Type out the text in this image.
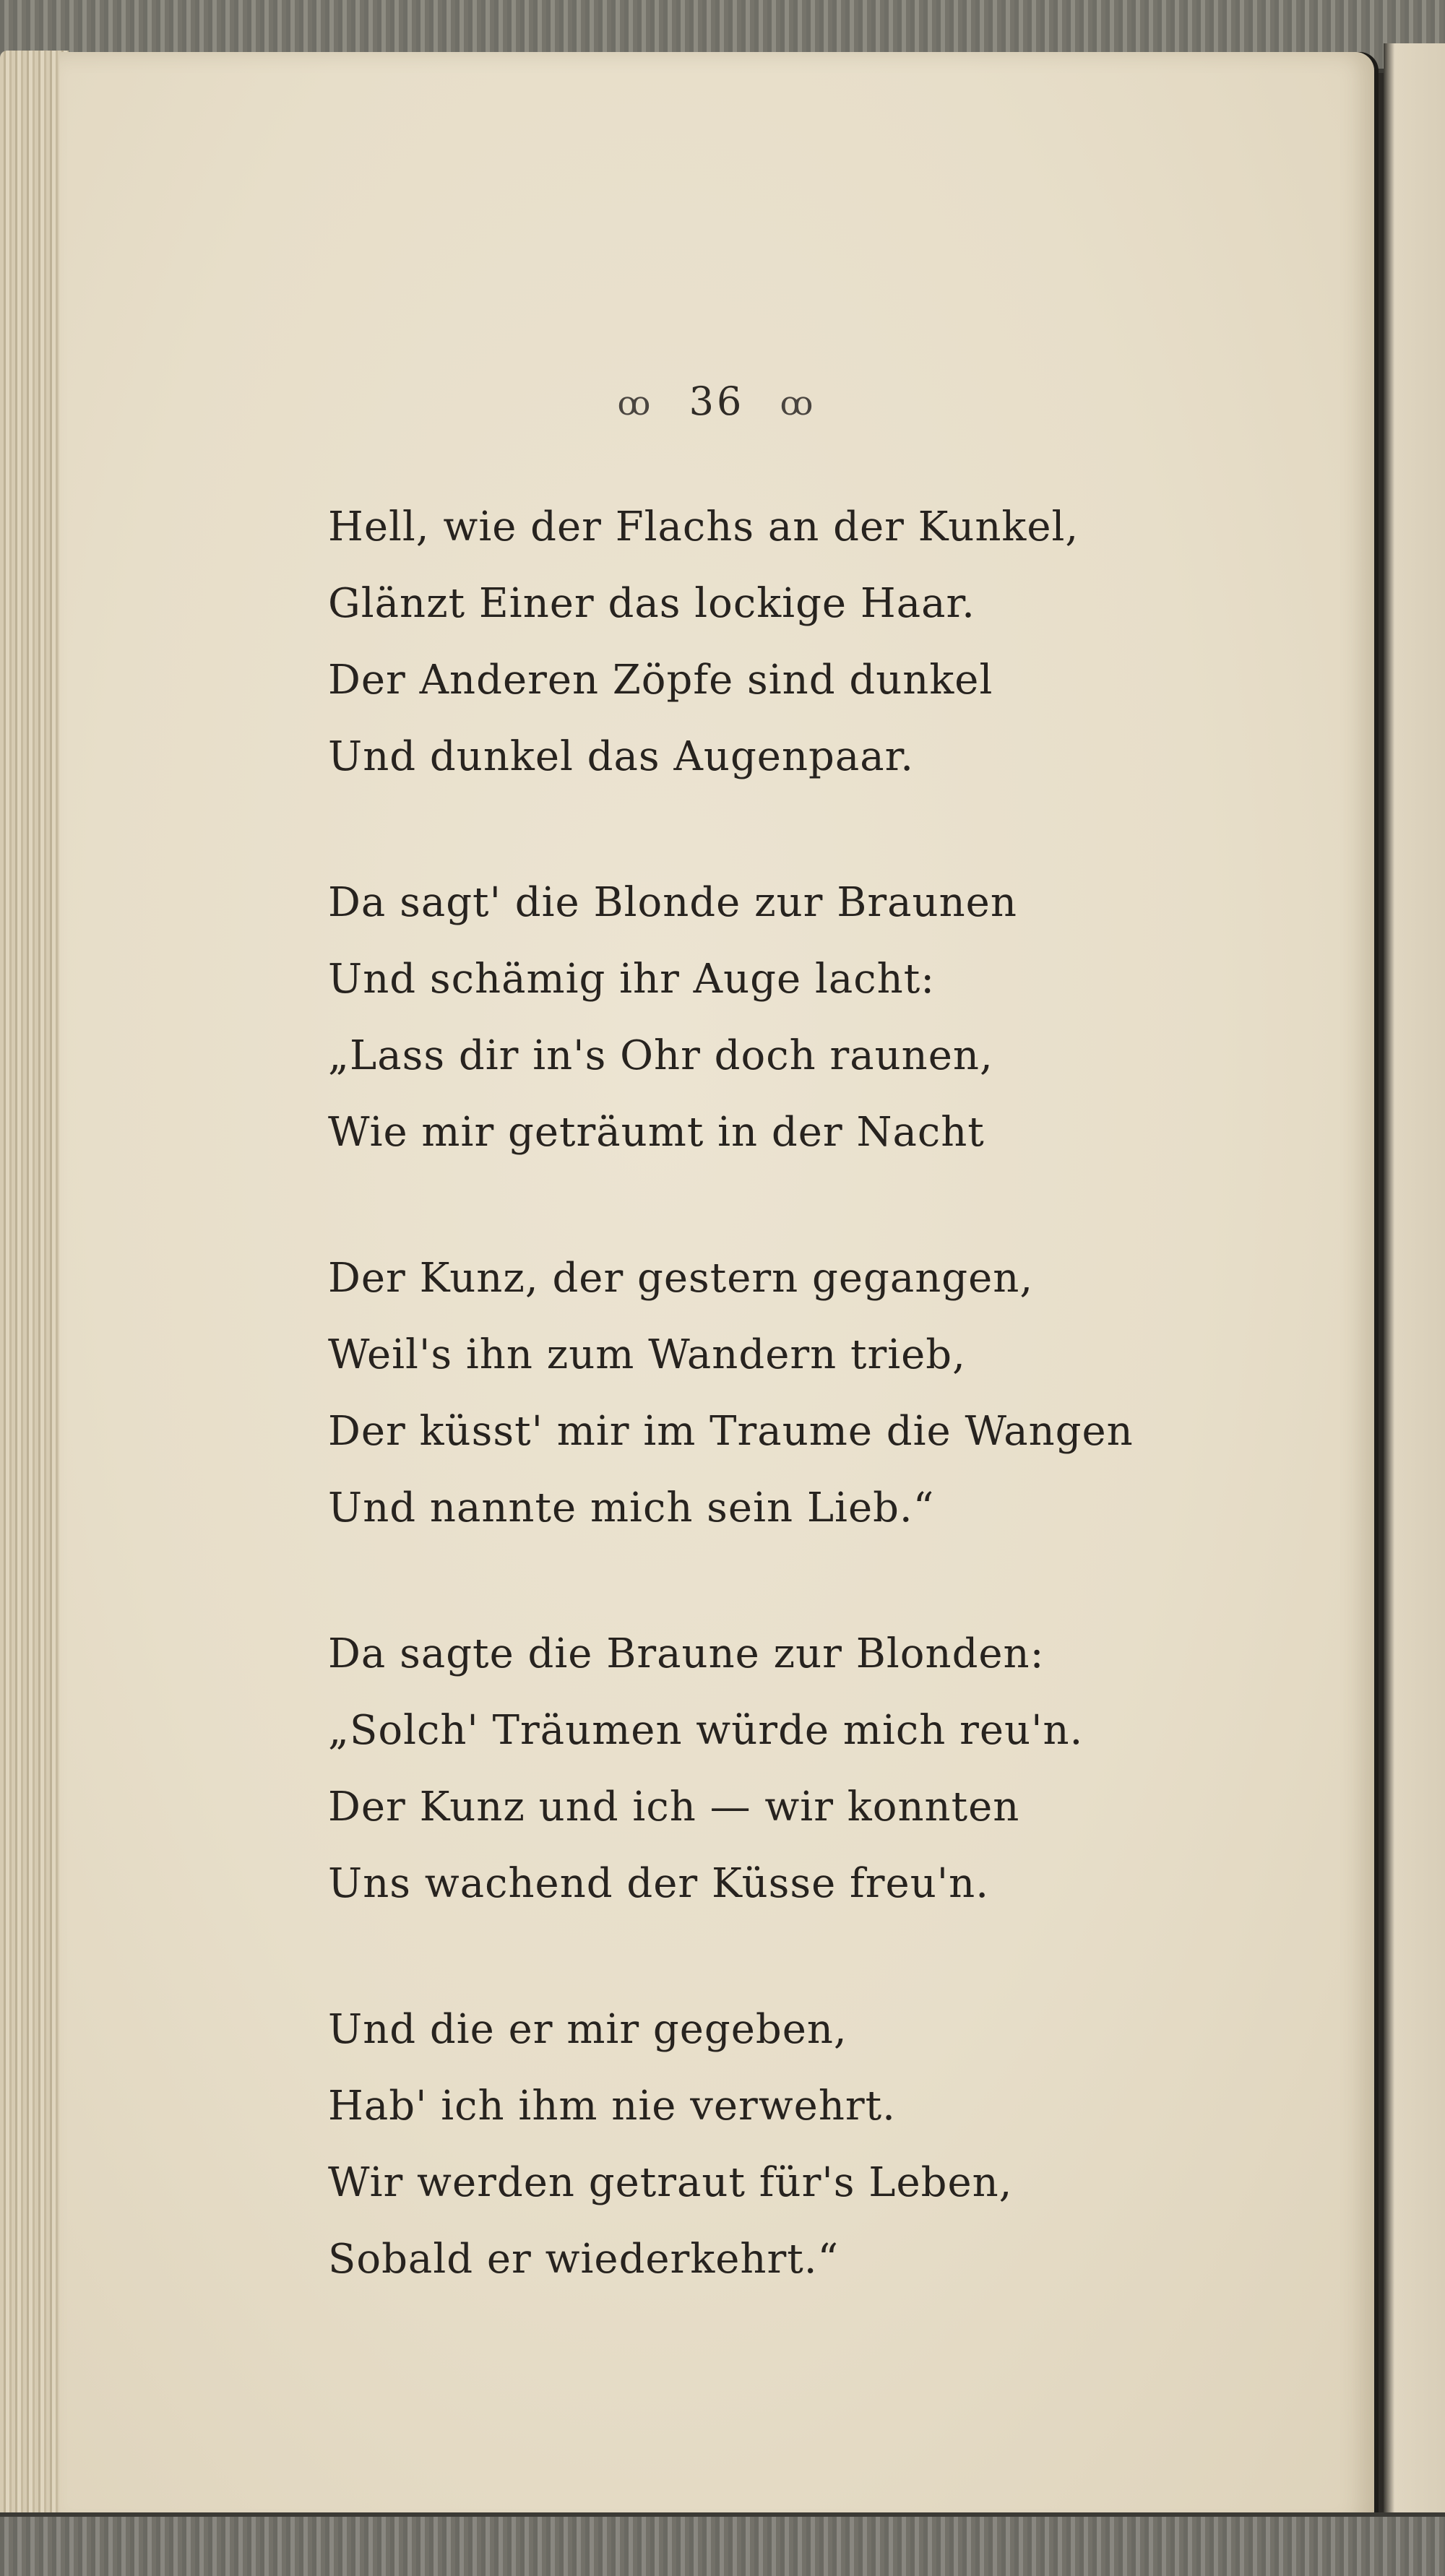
ꝏ 36 ꝏ
Hell, wie der Flachs an der Kunkel,
Glänzt Einer das lockige Haar.
Der Anderen Zöpfe sind dunkel
Und dunkel das Augenpaar.
Da sagt' die Blonde zur Braunen
Und schämig ihr Auge lacht:
„Lass dir in's Ohr doch raunen,
Wie mir geträumt in der Nacht
Der Kunz, der gestern gegangen,
Weil's ihn zum Wandern trieb,
Der küsst' mir im Traume die Wangen
Und nannte mich sein Lieb.“
Da sagte die Braune zur Blonden:
„Solch' Träumen würde mich reu'n.
Der Kunz und ich — wir konnten
Uns wachend der Küsse freu'n.
Und die er mir gegeben,
Hab' ich ihm nie verwehrt.
Wir werden getraut für's Leben,
Sobald er wiederkehrt.“
